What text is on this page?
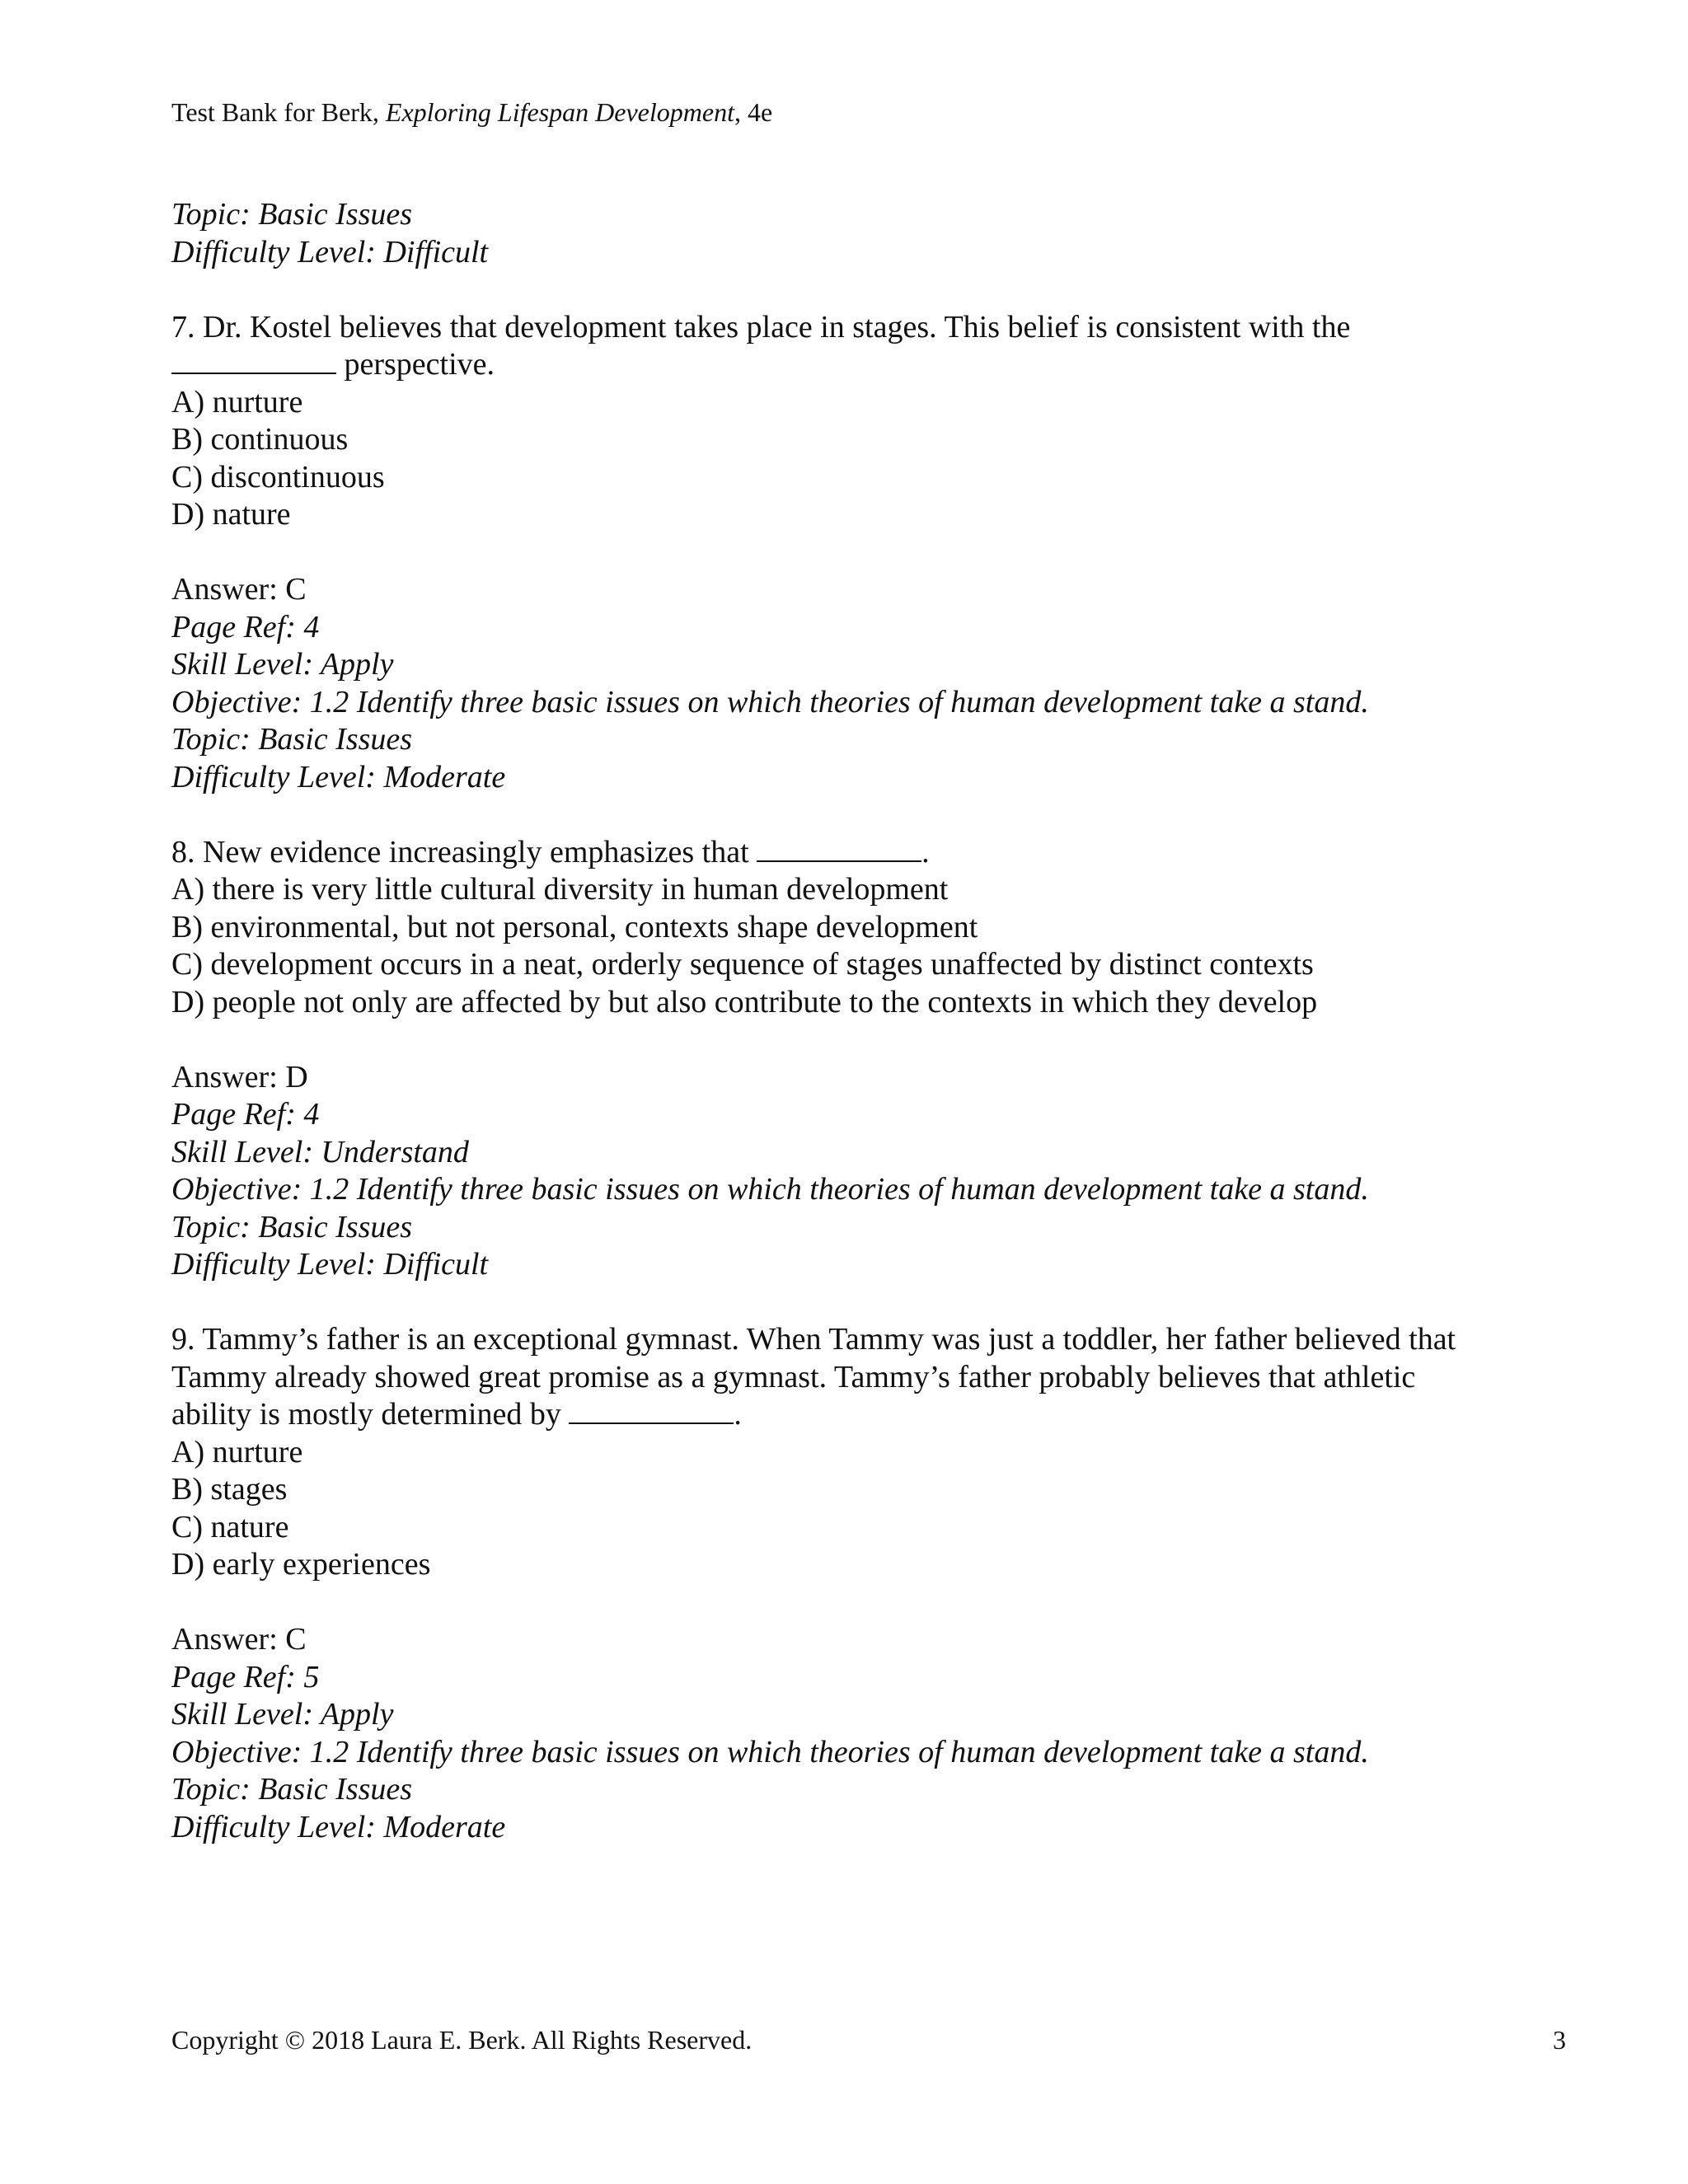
Test Bank for Berk, Exploring Lifespan Development, 4e
Topic: Basic Issues
Difficulty Level: Difficult
7. Dr. Kostel believes that development takes place in stages. This belief is consistent with the
perspective.
A) nurture
B) continuous
C) discontinuous
D) nature
Answer: C
Page Ref: 4
Skill Level: Apply
Objective: 1.2 Identify three basic issues on which theories of human development take a stand.
Topic: Basic Issues
Difficulty Level: Moderate
8. New evidence increasingly emphasizes that	.
A) there is very little cultural diversity in human development
B) environmental, but not personal, contexts shape development
C) development occurs in a neat, orderly sequence of stages unaffected by distinct contexts
D) people not only are affected by but also contribute to the contexts in which they develop
Answer: D
Page Ref: 4
Skill Level: Understand
Objective: 1.2 Identify three basic issues on which theories of human development take a stand.
Topic: Basic Issues
Difficulty Level: Difficult
9. Tammy’s father is an exceptional gymnast. When Tammy was just a toddler, her father believed that
Tammy already showed great promise as a gymnast. Tammy’s father probably believes that athletic
ability is mostly determined by	.
A) nurture
B) stages
C) nature
D) early experiences
Answer: C
Page Ref: 5
Skill Level: Apply
Objective: 1.2 Identify three basic issues on which theories of human development take a stand.
Topic: Basic Issues
Difficulty Level: Moderate
Copyright © 2018 Laura E. Berk. All Rights Reserved.	3
